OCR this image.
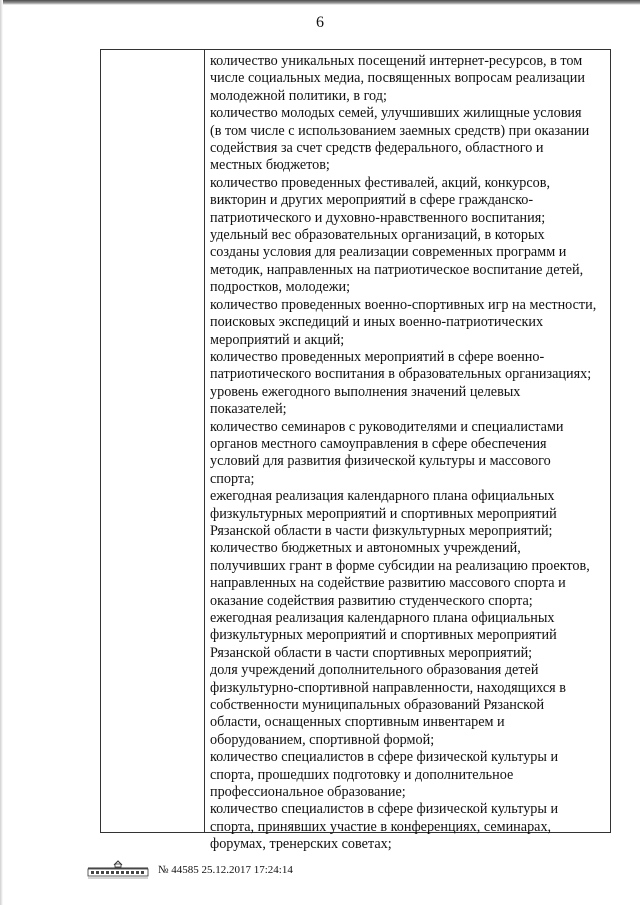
6
количество уникальных посещений интернет-ресурсов, в том
числе социальных медиа, посвященных вопросам реализации
молодежной политики, в год;
количество молодых семей, улучшивших жилищные условия
(в том числе с использованием заемных средств) при оказании
содействия за счет средств федерального, областного и
местных бюджетов;
количество проведенных фестивалей, акций, конкурсов,
викторин и других мероприятий в сфере гражданско-
патриотического и духовно-нравственного воспитания;
удельный вес образовательных организаций, в которых
созданы условия для реализации современных программ и
методик, направленных на патриотическое воспитание детей,
подростков, молодежи;
количество проведенных военно-спортивных игр на местности,
поисковых экспедиций и иных военно-патриотических
мероприятий и акций;
количество проведенных мероприятий в сфере военно-
патриотического воспитания в образовательных организациях;
уровень ежегодного выполнения значений целевых
показателей;
количество семинаров с руководителями и специалистами
органов местного самоуправления в сфере обеспечения
условий для развития физической культуры и массового
спорта;
ежегодная реализация календарного плана официальных
физкультурных мероприятий и спортивных мероприятий
Рязанской области в части физкультурных мероприятий;
количество бюджетных и автономных учреждений,
получивших грант в форме субсидии на реализацию проектов,
направленных на содействие развитию массового спорта и
оказание содействия развитию студенческого спорта;
ежегодная реализация календарного плана официальных
физкультурных мероприятий и спортивных мероприятий
Рязанской области в части спортивных мероприятий;
доля учреждений дополнительного образования детей
физкультурно-спортивной направленности, находящихся в
собственности муниципальных образований Рязанской
области, оснащенных спортивным инвентарем и
оборудованием, спортивной формой;
количество специалистов в сфере физической культуры и
спорта, прошедших подготовку и дополнительное
профессиональное образование;
количество специалистов в сфере физической культуры и
спорта, принявших участие в конференциях, семинарах,
форумах, тренерских советах;
№ 44585 25.12.2017 17:24:14
